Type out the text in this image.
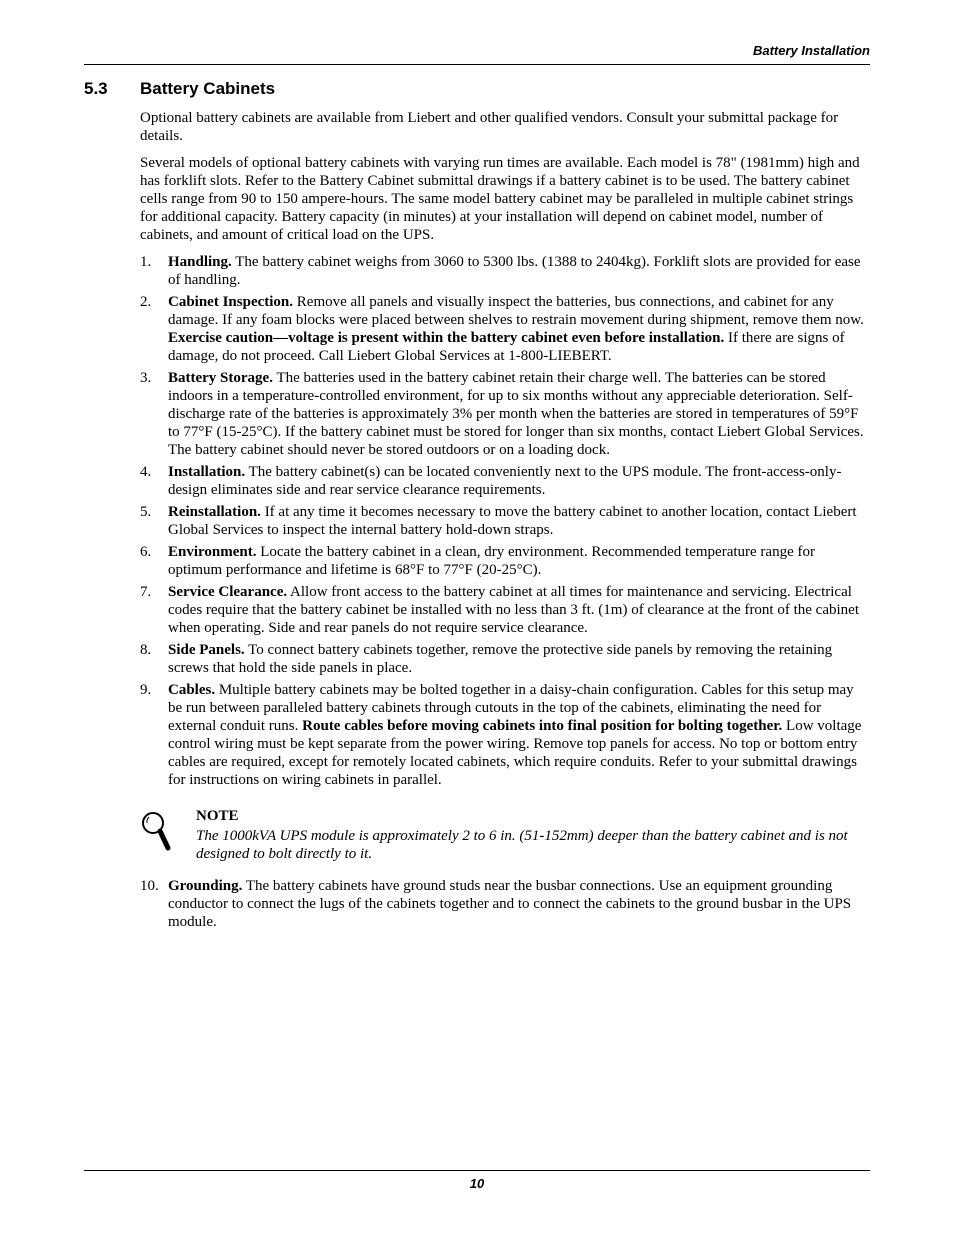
Battery Installation
5.3	Battery Cabinets

Optional battery cabinets are available from Liebert and other qualified vendors. Consult your submittal package for details.

Several models of optional battery cabinets with varying run times are available. Each model is 78" (1981mm) high and has forklift slots. Refer to the Battery Cabinet submittal drawings if a battery cabinet is to be used. The battery cabinet cells range from 90 to 150 ampere-hours. The same model battery cabinet may be paralleled in multiple cabinet strings for additional capacity. Battery capacity (in minutes) at your installation will depend on cabinet model, number of cabinets, and amount of critical load on the UPS.

1. Handling. The battery cabinet weighs from 3060 to 5300 lbs. (1388 to 2404kg). Forklift slots are provided for ease of handling.
2. Cabinet Inspection. Remove all panels and visually inspect the batteries, bus connections, and cabinet for any damage. If any foam blocks were placed between shelves to restrain movement during shipment, remove them now. Exercise caution—voltage is present within the battery cabinet even before installation. If there are signs of damage, do not proceed. Call Liebert Global Services at 1-800-LIEBERT.
3. Battery Storage. The batteries used in the battery cabinet retain their charge well. The batteries can be stored indoors in a temperature-controlled environment, for up to six months without any appreciable deterioration. Self-discharge rate of the batteries is approximately 3% per month when the batteries are stored in temperatures of 59°F to 77°F (15-25°C). If the battery cabinet must be stored for longer than six months, contact Liebert Global Services. The battery cabinet should never be stored outdoors or on a loading dock.
4. Installation. The battery cabinet(s) can be located conveniently next to the UPS module. The front-access-only-design eliminates side and rear service clearance requirements.
5. Reinstallation. If at any time it becomes necessary to move the battery cabinet to another location, contact Liebert Global Services to inspect the internal battery hold-down straps.
6. Environment. Locate the battery cabinet in a clean, dry environment. Recommended temperature range for optimum performance and lifetime is 68°F to 77°F (20-25°C).
7. Service Clearance. Allow front access to the battery cabinet at all times for maintenance and servicing. Electrical codes require that the battery cabinet be installed with no less than 3 ft. (1m) of clearance at the front of the cabinet when operating. Side and rear panels do not require service clearance.
8. Side Panels. To connect battery cabinets together, remove the protective side panels by removing the retaining screws that hold the side panels in place.
9. Cables. Multiple battery cabinets may be bolted together in a daisy-chain configuration. Cables for this setup may be run between paralleled battery cabinets through cutouts in the top of the cabinets, eliminating the need for external conduit runs. Route cables before moving cabinets into final position for bolting together. Low voltage control wiring must be kept separate from the power wiring. Remove top panels for access. No top or bottom entry cables are required, except for remotely located cabinets, which require conduits. Refer to your submittal drawings for instructions on wiring cabinets in parallel.
NOTE
The 1000kVA UPS module is approximately 2 to 6 in. (51-152mm) deeper than the battery cabinet and is not designed to bolt directly to it.
10. Grounding. The battery cabinets have ground studs near the busbar connections. Use an equipment grounding conductor to connect the lugs of the cabinets together and to connect the cabinets to the ground busbar in the UPS module.
10
